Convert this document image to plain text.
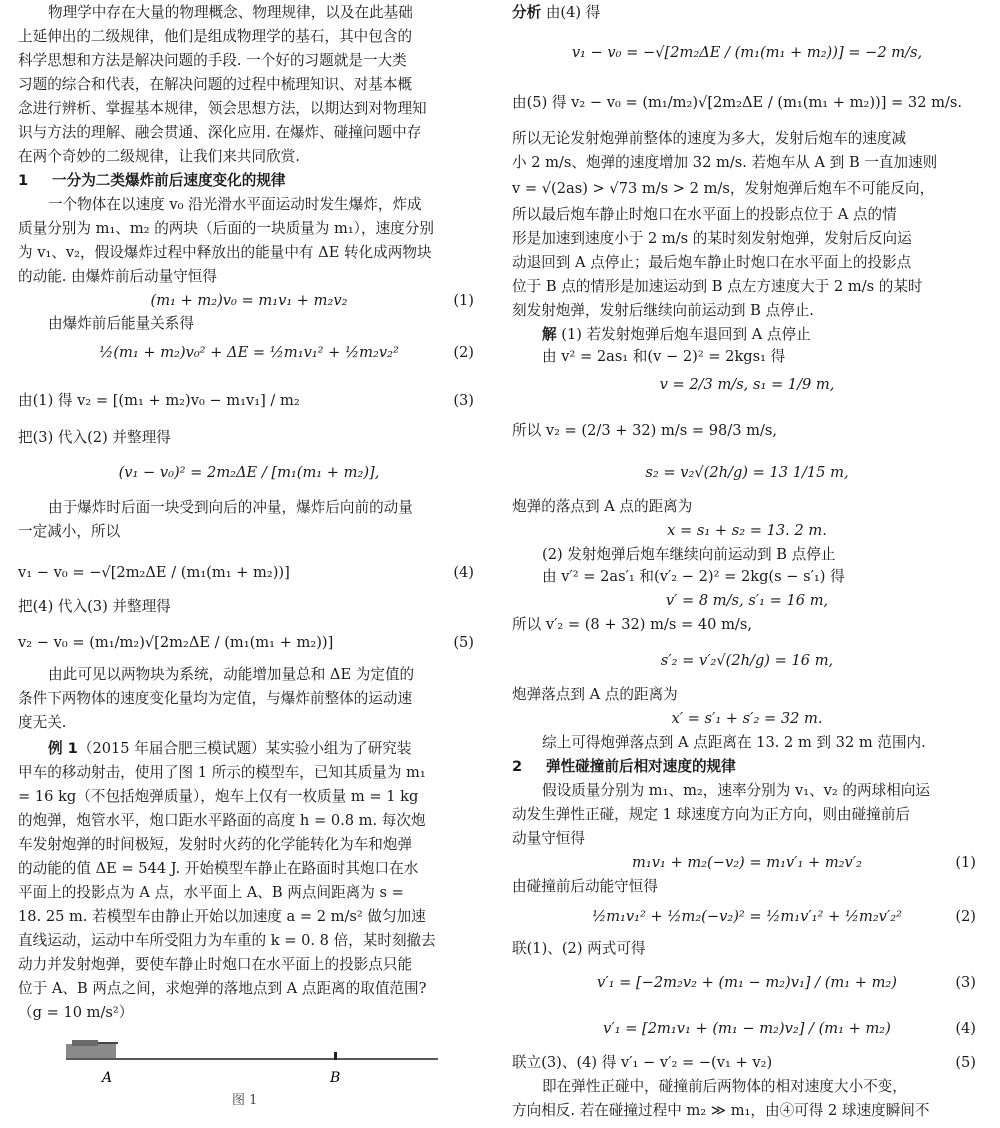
物理学中存在大量的物理概念、物理规律，以及在此基础
上延伸出的二级规律，他们是组成物理学的基石，其中包含的
科学思想和方法是解决问题的手段. 一个好的习题就是一大类
习题的综合和代表，在解决问题的过程中梳理知识、对基本概
念进行辨析、掌握基本规律，领会思想方法，以期达到对物理知
识与方法的理解、融会贯通、深化应用. 在爆炸、碰撞问题中存
在两个奇妙的二级规律，让我们来共同欣赏.
1 一分为二类爆炸前后速度变化的规律
一个物体在以速度 v₀ 沿光滑水平面运动时发生爆炸，炸成
质量分别为 m₁、m₂ 的两块（后面的一块质量为 m₁），速度分别
为 v₁、v₂，假设爆炸过程中释放出的能量中有 ΔE 转化成两物块
的动能. 由爆炸前后动量守恒得
(m₁ + m₂)v₀ = m₁v₁ + m₂v₂	(1)
由爆炸前后能量关系得
½(m₁ + m₂)v₀² + ΔE = ½m₁v₁² + ½m₂v₂²	(2)
由(1) 得 v₂ = [(m₁ + m₂)v₀ − m₁v₁] / m₂	(3)
把(3) 代入(2) 并整理得
(v₁ − v₀)² = 2m₂ΔE / [m₁(m₁ + m₂)],
由于爆炸时后面一块受到向后的冲量，爆炸后向前的动量
一定减小，所以
v₁ − v₀ = −√[2m₂ΔE / (m₁(m₁ + m₂))]	(4)
把(4) 代入(3) 并整理得
v₂ − v₀ = (m₁/m₂)√[2m₂ΔE / (m₁(m₁ + m₂))]	(5)
由此可见以两物块为系统，动能增加量总和 ΔE 为定值的
条件下两物体的速度变化量均为定值，与爆炸前整体的运动速
度无关.
例 1（2015 年届合肥三模试题）某实验小组为了研究装
甲车的移动射击，使用了图 1 所示的模型车，已知其质量为 m₁
= 16 kg（不包括炮弹质量），炮车上仅有一枚质量 m = 1 kg
的炮弹，炮管水平，炮口距水平路面的高度 h = 0.8 m. 每次炮
车发射炮弹的时间极短，发射时火药的化学能转化为车和炮弹
的动能的值 ΔE = 544 J. 开始模型车静止在路面时其炮口在水
平面上的投影点为 A 点，水平面上 A、B 两点间距离为 s =
18. 25 m. 若模型车由静止开始以加速度 a = 2 m/s² 做匀加速
直线运动，运动中车所受阻力为车重的 k = 0. 8 倍，某时刻撤去
动力并发射炮弹，要使车静止时炮口在水平面上的投影点只能
位于 A、B 两点之间，求炮弹的落地点到 A 点距离的取值范围?
（g = 10 m/s²）
分析 由(4) 得
v₁ − v₀ = −√[2m₂ΔE / (m₁(m₁ + m₂))] = −2 m/s,
由(5) 得 v₂ − v₀ = (m₁/m₂)√[2m₂ΔE / (m₁(m₁ + m₂))] = 32 m/s.
所以无论发射炮弹前整体的速度为多大，发射后炮车的速度减
小 2 m/s、炮弹的速度增加 32 m/s. 若炮车从 A 到 B 一直加速则
v = √(2as) > √73 m/s > 2 m/s，发射炮弹后炮车不可能反向，
所以最后炮车静止时炮口在水平面上的投影点位于 A 点的情
形是加速到速度小于 2 m/s 的某时刻发射炮弹，发射后反向运
动退回到 A 点停止；最后炮车静止时炮口在水平面上的投影点
位于 B 点的情形是加速运动到 B 点左方速度大于 2 m/s 的某时
刻发射炮弹，发射后继续向前运动到 B 点停止.
解 (1) 若发射炮弹后炮车退回到 A 点停止
由 v² = 2as₁ 和(v − 2)² = 2kgs₁ 得
v = 2/3 m/s, s₁ = 1/9 m,
所以 v₂ = (2/3 + 32) m/s = 98/3 m/s,
s₂ = v₂√(2h/g) = 13 1/15 m,
炮弹的落点到 A 点的距离为
x = s₁ + s₂ = 13. 2 m.
(2) 发射炮弹后炮车继续向前运动到 B 点停止
由 v′² = 2as′₁ 和(v′₂ − 2)² = 2kg(s − s′₁) 得
v′ = 8 m/s, s′₁ = 16 m,
所以 v′₂ = (8 + 32) m/s = 40 m/s,
s′₂ = v′₂√(2h/g) = 16 m,
炮弹落点到 A 点的距离为
x′ = s′₁ + s′₂ = 32 m.
综上可得炮弹落点到 A 点距离在 13. 2 m 到 32 m 范围内.
2 弹性碰撞前后相对速度的规律
假设质量分别为 m₁、m₂，速率分别为 v₁、v₂ 的两球相向运
动发生弹性正碰，规定 1 球速度方向为正方向，则由碰撞前后
动量守恒得
m₁v₁ + m₂(−v₂) = m₁v′₁ + m₂v′₂	(1)
由碰撞前后动能守恒得
½m₁v₁² + ½m₂(−v₂)² = ½m₁v′₁² + ½m₂v′₂²	(2)
联(1)、(2) 两式可得
v′₁ = [−2m₂v₂ + (m₁ − m₂)v₁] / (m₁ + m₂)	(3)
v′₁ = [2m₁v₁ + (m₁ − m₂)v₂] / (m₁ + m₂)	(4)
联立(3)、(4) 得 v′₁ − v′₂ = −(v₁ + v₂)	(5)
即在弹性正碰中，碰撞前后两物体的相对速度大小不变，
方向相反. 若在碰撞过程中 m₂ ≫ m₁，由④可得 2 球速度瞬间不
A	B
图 1
